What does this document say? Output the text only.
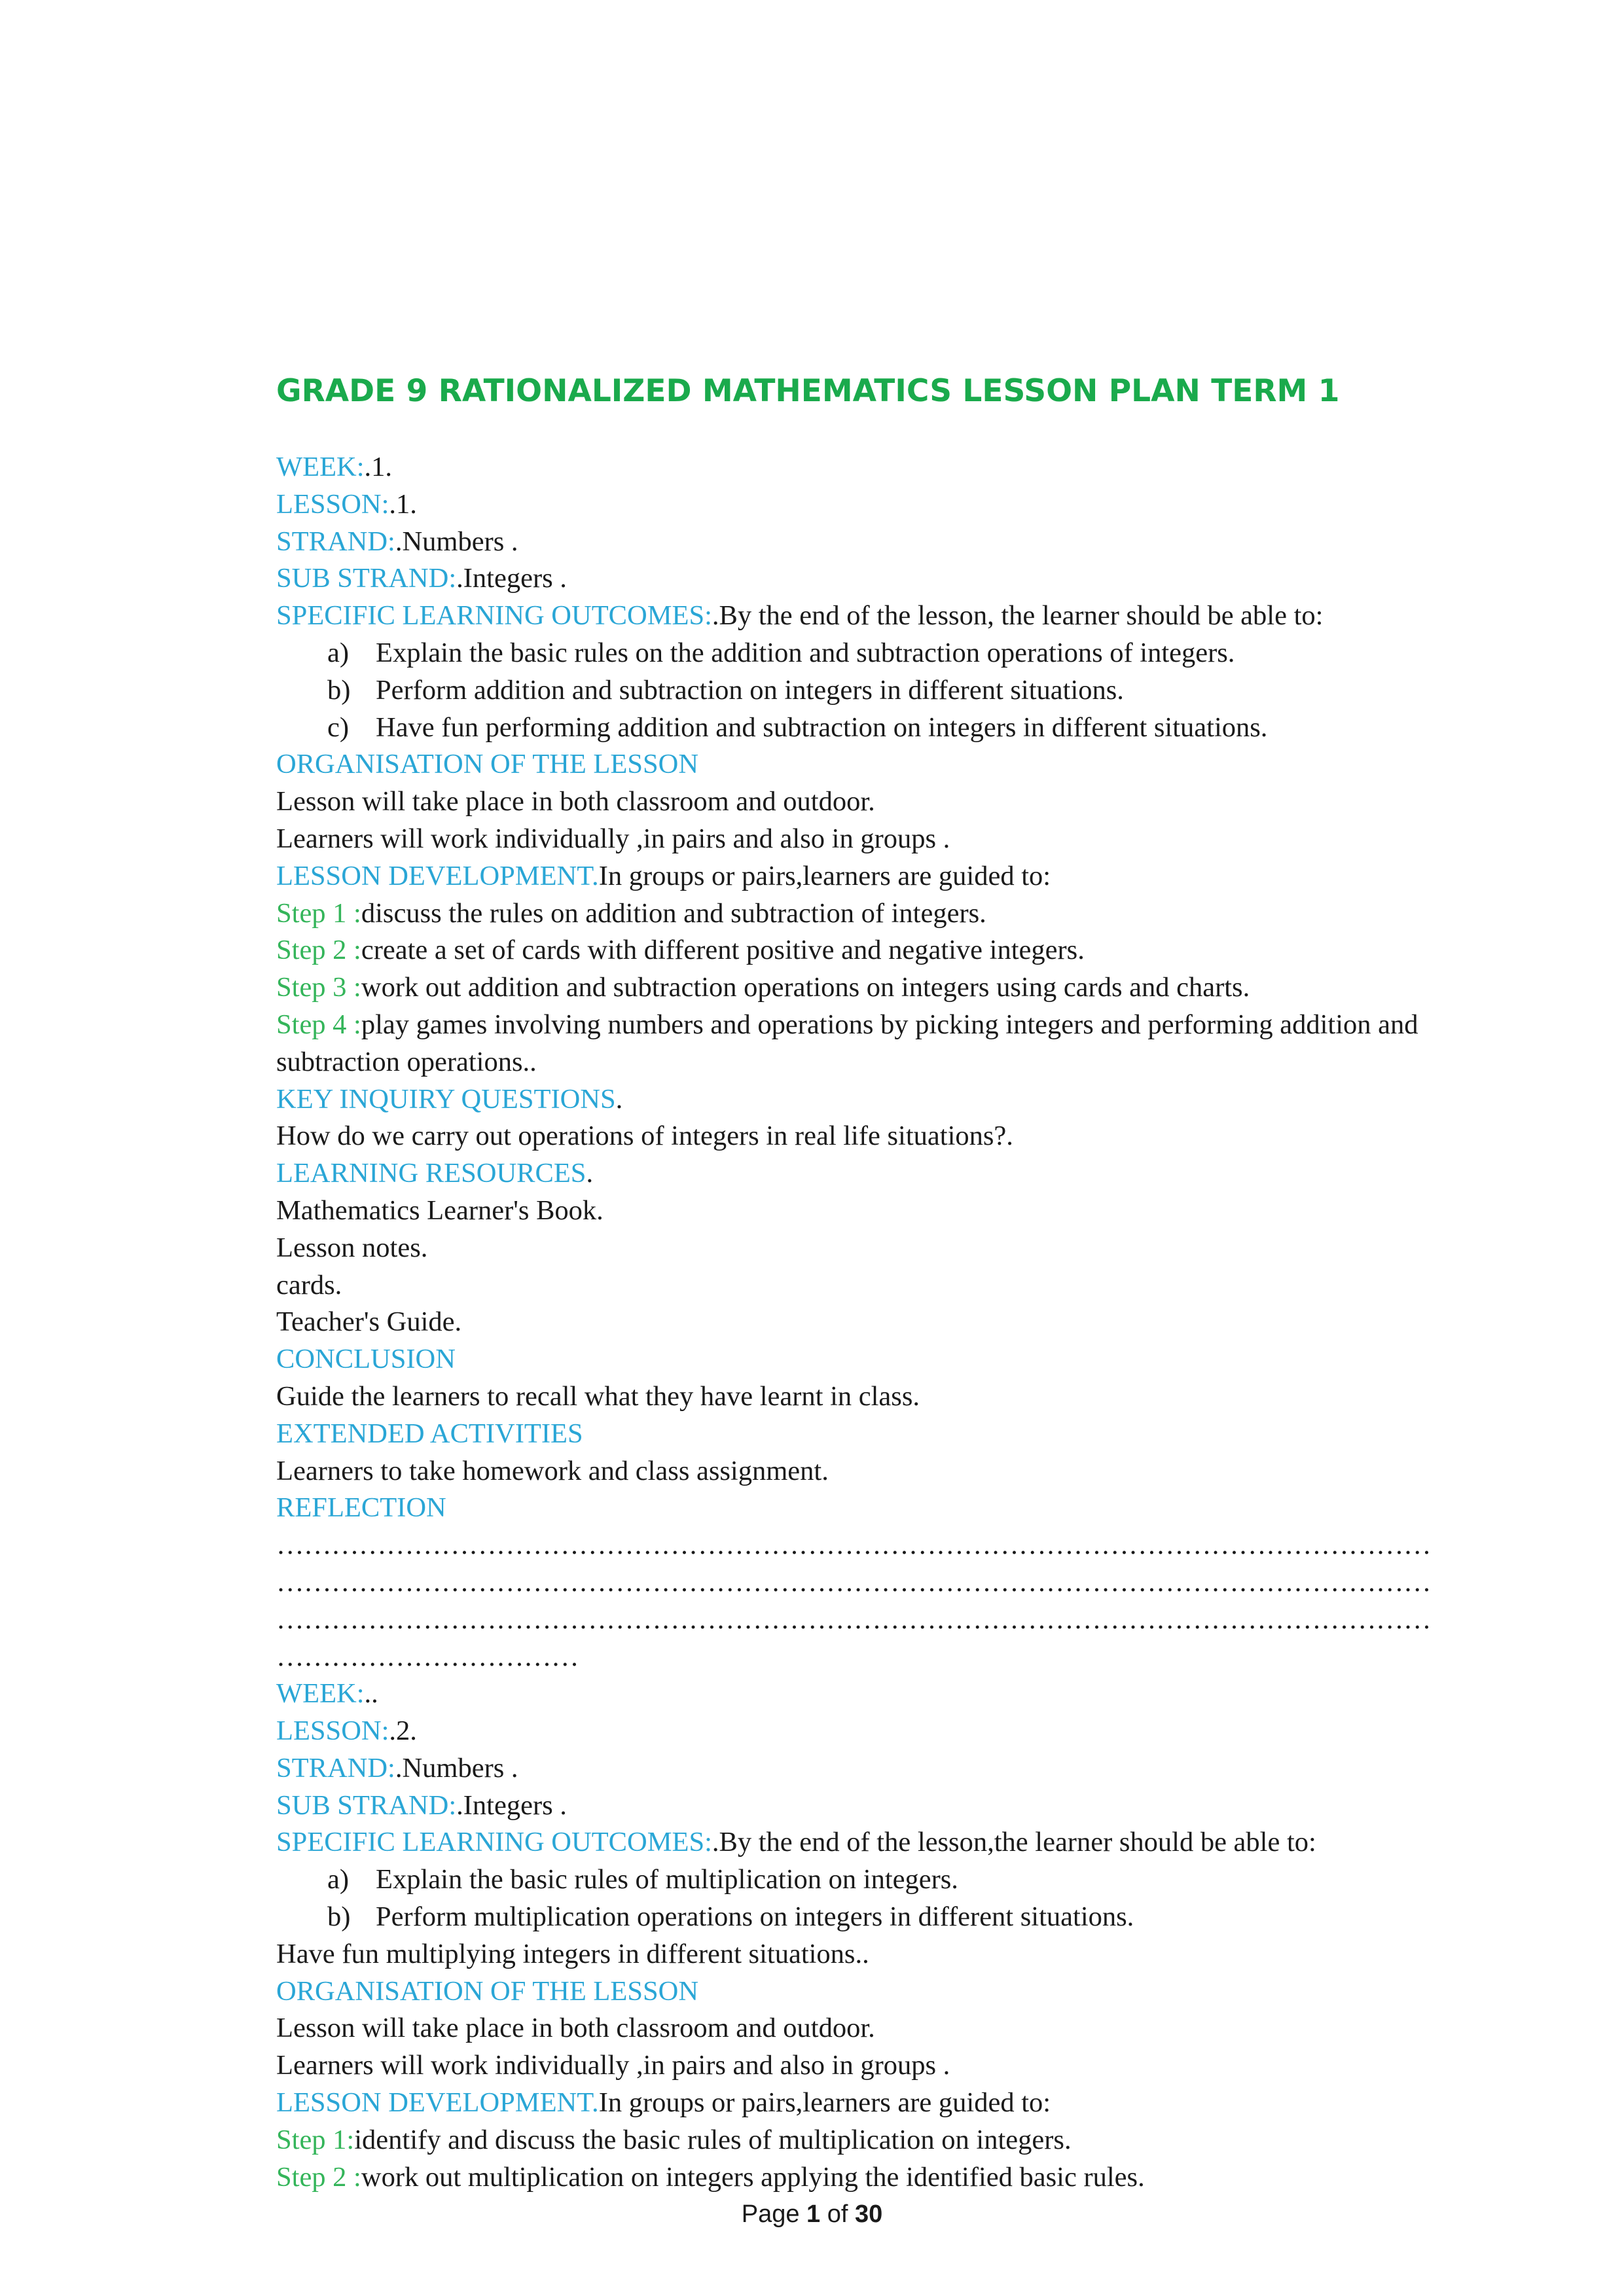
GRADE 9 RATIONALIZED MATHEMATICS LESSON PLAN TERM 1
WEEK:.1.
LESSON:.1.
STRAND:.Numbers .
SUB STRAND:.Integers .
SPECIFIC LEARNING OUTCOMES:.By the end of the lesson, the learner should be able to:
a) Explain the basic rules on the addition and subtraction operations of integers.
b) Perform addition and subtraction on integers in different situations.
c) Have fun performing addition and subtraction on integers in different situations.
ORGANISATION OF THE LESSON
Lesson will take place in both classroom and outdoor.
Learners will work individually ,in pairs and also in groups .
LESSON DEVELOPMENT.In groups or pairs,learners are guided to:
Step 1 :discuss the rules on addition and subtraction of integers.
Step 2 :create a set of cards with different positive and negative integers.
Step 3 :work out addition and subtraction operations on integers using cards and charts.
Step 4 :play games involving numbers and operations by picking integers and performing addition and subtraction operations..
KEY INQUIRY QUESTIONS.
How do we carry out operations of integers in real life situations?.
LEARNING RESOURCES.
Mathematics Learner's Book.
Lesson notes.
cards.
Teacher's Guide.
CONCLUSION
Guide the learners to recall what they have learnt in class.
EXTENDED ACTIVITIES
Learners to take homework and class assignment.
REFLECTION
………………………………………………………………………………………………………………
………………………………………………………………………………………………………………
………………………………………………………………………………………………………………
……………………………
WEEK:..
LESSON:.2.
STRAND:.Numbers .
SUB STRAND:.Integers .
SPECIFIC LEARNING OUTCOMES:.By the end of the lesson,the learner should be able to:
a) Explain the basic rules of multiplication on integers.
b) Perform multiplication operations on integers in different situations.
Have fun multiplying integers in different situations..
ORGANISATION OF THE LESSON
Lesson will take place in both classroom and outdoor.
Learners will work individually ,in pairs and also in groups .
LESSON DEVELOPMENT.In groups or pairs,learners are guided to:
Step 1:identify and discuss the basic rules of multiplication on integers.
Step 2 :work out multiplication on integers applying the identified basic rules.
Page 1 of 30
